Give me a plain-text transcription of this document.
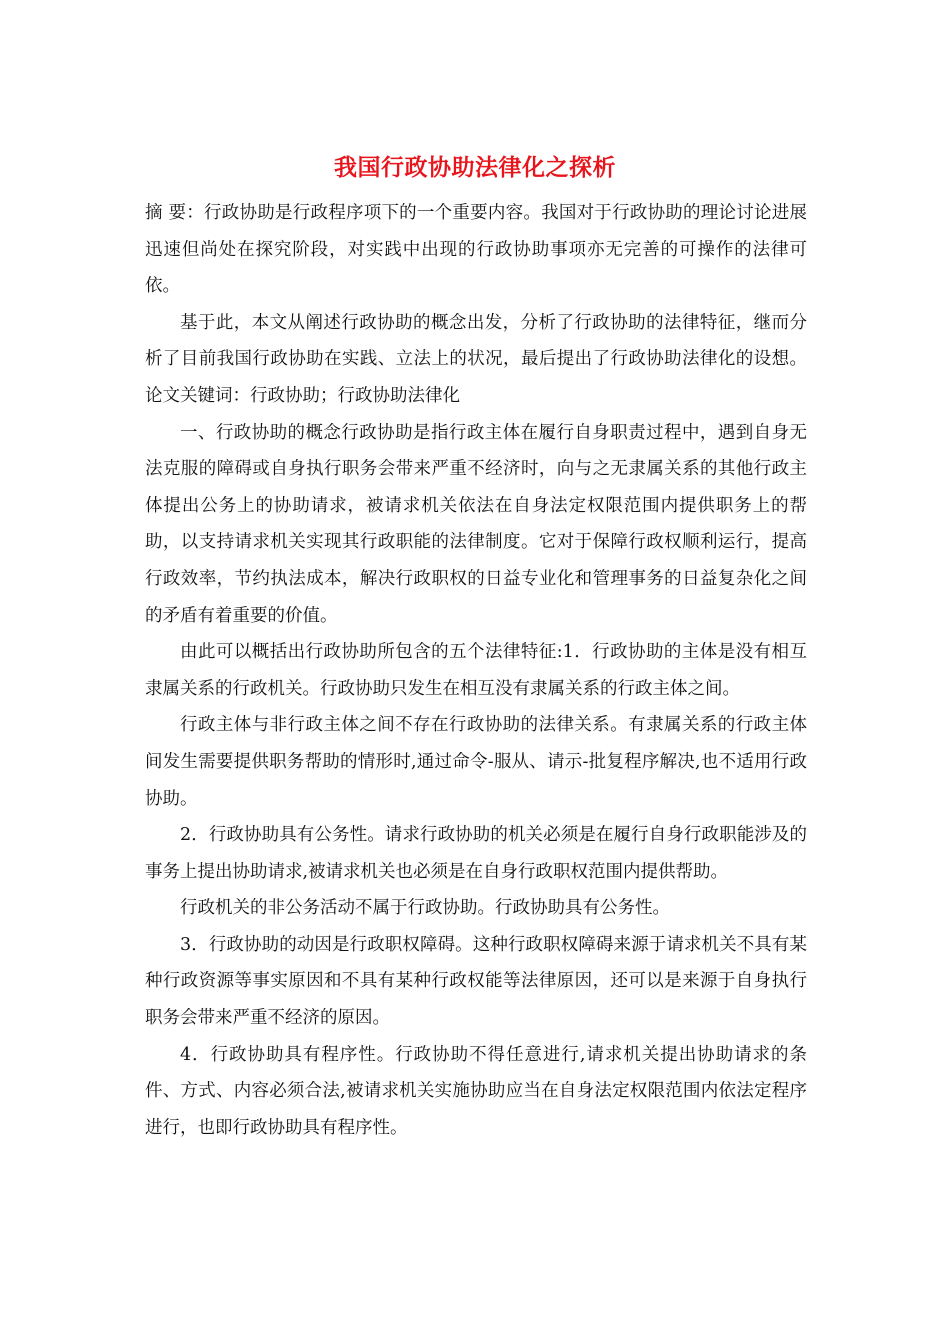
我国行政协助法律化之探析

摘 要：行政协助是行政程序项下的一个重要内容。我国对于行政协助的理论讨论进展迅速但尚处在探究阶段，对实践中出现的行政协助事项亦无完善的可操作的法律可依。

基于此，本文从阐述行政协助的概念出发，分析了行政协助的法律特征，继而分析了目前我国行政协助在实践、立法上的状况，最后提出了行政协助法律化的设想。论文关键词：行政协助；行政协助法律化

一、行政协助的概念行政协助是指行政主体在履行自身职责过程中，遇到自身无法克服的障碍或自身执行职务会带来严重不经济时，向与之无隶属关系的其他行政主体提出公务上的协助请求，被请求机关依法在自身法定权限范围内提供职务上的帮助，以支持请求机关实现其行政职能的法律制度。它对于保障行政权顺利运行，提高行政效率，节约执法成本，解决行政职权的日益专业化和管理事务的日益复杂化之间的矛盾有着重要的价值。

由此可以概括出行政协助所包含的五个法律特征:1．行政协助的主体是没有相互隶属关系的行政机关。行政协助只发生在相互没有隶属关系的行政主体之间。

行政主体与非行政主体之间不存在行政协助的法律关系。有隶属关系的行政主体间发生需要提供职务帮助的情形时,通过命令-服从、请示-批复程序解决,也不适用行政协助。

2．行政协助具有公务性。请求行政协助的机关必须是在履行自身行政职能涉及的事务上提出协助请求,被请求机关也必须是在自身行政职权范围内提供帮助。

行政机关的非公务活动不属于行政协助。行政协助具有公务性。

3．行政协助的动因是行政职权障碍。这种行政职权障碍来源于请求机关不具有某种行政资源等事实原因和不具有某种行政权能等法律原因，还可以是来源于自身执行职务会带来严重不经济的原因。

4．行政协助具有程序性。行政协助不得任意进行,请求机关提出协助请求的条件、方式、内容必须合法,被请求机关实施协助应当在自身法定权限范围内依法定程序进行，也即行政协助具有程序性。
